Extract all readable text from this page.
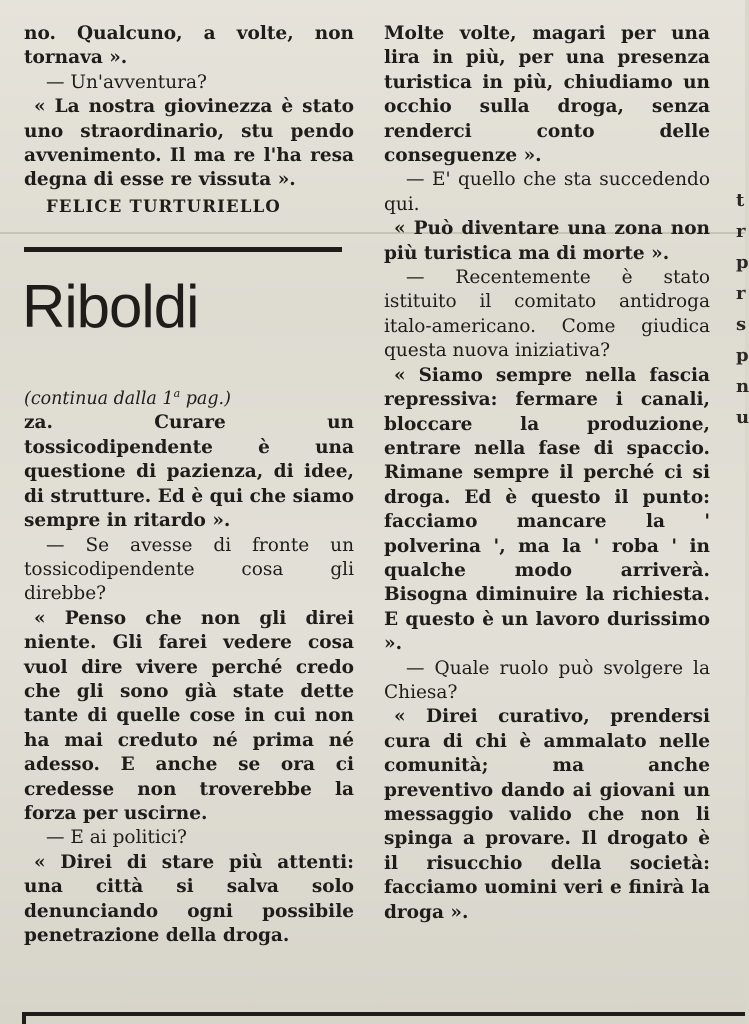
no. Qualcuno, a volte, non tornava ».

— Un'avventura?

« La nostra giovinezza è stato uno straordinario, stu pendo avvenimento. Il ma re l'ha resa degna di esse re vissuta ».

FELICE TURTURIELLO

Riboldi

(continua dalla 1$^a$ pag.)

za. Curare un tossicodipendente è una questione di pazienza, di idee, di strutture. Ed è qui che siamo sempre in ritardo ».

— Se avesse di fronte un tossicodipendente cosa gli direbbe?

« Penso che non gli direi niente. Gli farei vedere cosa vuol dire vivere perché credo che gli sono già state dette tante di quelle cose in cui non ha mai creduto né prima né adesso. E anche se ora ci credesse non troverebbe la forza per uscirne.

— E ai politici?

« Direi di stare più attenti: una città si salva solo denunciando ogni possibile penetrazione della droga.

Molte volte, magari per una lira in più, per una presenza turistica in più, chiudiamo un occhio sulla droga, senza renderci conto delle conseguenze ».

— E' quello che sta succedendo qui.

« Può diventare una zona non più turistica ma di morte ».

— Recentemente è stato istituito il comitato antidroga italo-americano. Come giudica questa nuova iniziativa?

« Siamo sempre nella fascia repressiva: fermare i canali, bloccare la produzione, entrare nella fase di spaccio. Rimane sempre il perché ci si droga. Ed è questo il punto: facciamo mancare la ' polverina ', ma la ' roba ' in qualche modo arriverà. Bisogna diminuire la richiesta. E questo è un lavoro durissimo ».

— Quale ruolo può svolgere la Chiesa?

« Direi curativo, prendersi cura di chi è ammalato nelle comunità; ma anche preventivo dando ai giovani un messaggio valido che non li spinga a provare. Il drogato è il risucchio della società: facciamo uomini veri e finirà la droga ».

t
r
p
r
s
p
n
u
